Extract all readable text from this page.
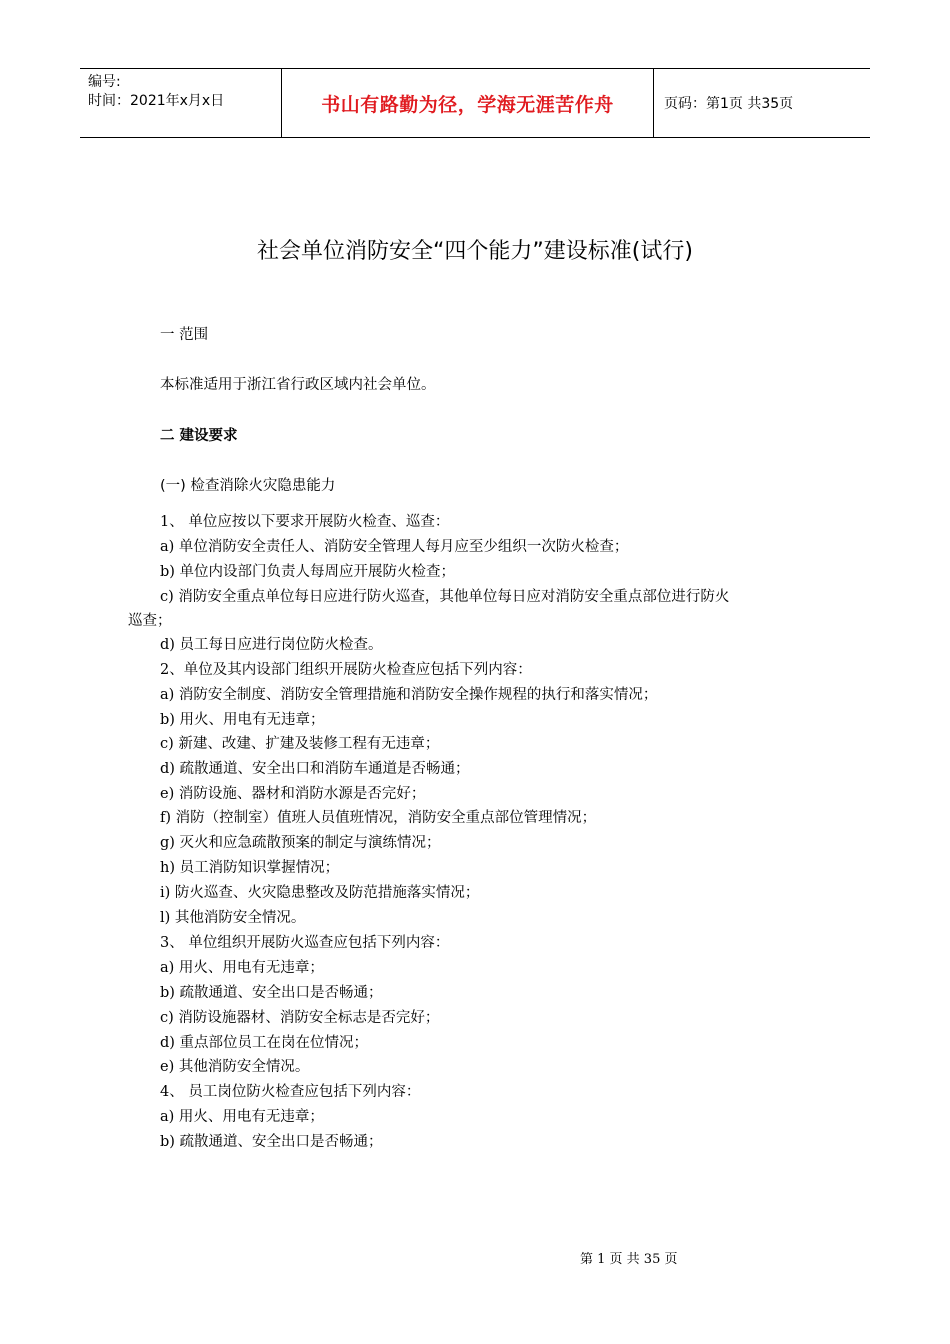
编号:
时间：2021年x月x日	书山有路勤为径，学海无涯苦作舟	页码：第1页 共35页
社会单位消防安全“四个能力”建设标准(试行)
一 范围
本标准适用于浙江省行政区域内社会单位。
二 建设要求
(一) 检查消除火灾隐患能力
1、 单位应按以下要求开展防火检查、巡查：
a) 单位消防安全责任人、消防安全管理人每月应至少组织一次防火检查；
b) 单位内设部门负责人每周应开展防火检查；
c) 消防安全重点单位每日应进行防火巡查，其他单位每日应对消防安全重点部位进行防火
巡查；
d) 员工每日应进行岗位防火检查。
2、单位及其内设部门组织开展防火检查应包括下列内容：
a) 消防安全制度、消防安全管理措施和消防安全操作规程的执行和落实情况；
b) 用火、用电有无违章；
c) 新建、改建、扩建及装修工程有无违章；
d) 疏散通道、安全出口和消防车通道是否畅通；
e) 消防设施、器材和消防水源是否完好；
f) 消防（控制室）值班人员值班情况，消防安全重点部位管理情况；
g) 灭火和应急疏散预案的制定与演练情况；
h) 员工消防知识掌握情况；
i) 防火巡查、火灾隐患整改及防范措施落实情况；
l) 其他消防安全情况。
3、 单位组织开展防火巡查应包括下列内容：
a) 用火、用电有无违章；
b) 疏散通道、安全出口是否畅通；
c) 消防设施器材、消防安全标志是否完好；
d) 重点部位员工在岗在位情况；
e) 其他消防安全情况。
4、 员工岗位防火检查应包括下列内容：
a) 用火、用电有无违章；
b) 疏散通道、安全出口是否畅通；
第 1 页 共 35 页
